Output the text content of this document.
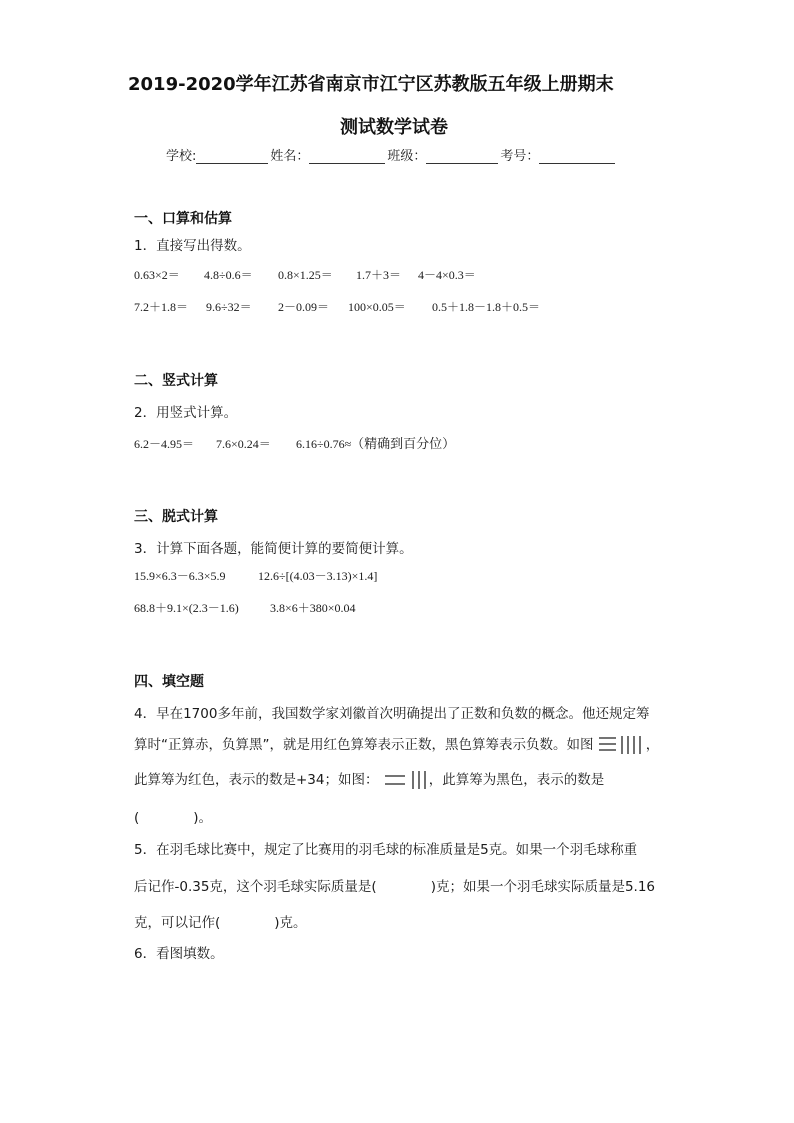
2019-2020学年江苏省南京市江宁区苏教版五年级上册期末
测试数学试卷
学校:	姓名：	班级：	考号：
一、口算和估算
1．直接写出得数。
0.63×2＝ 4.8÷0.6＝ 0.8×1.25＝ 1.7＋3＝ 4－4×0.3＝
7.2＋1.8＝ 9.6÷32＝ 2－0.09＝ 100×0.05＝ 0.5＋1.8－1.8＋0.5＝
二、竖式计算
2．用竖式计算。
6.2－4.95＝ 7.6×0.24＝ 6.16÷0.76≈（精确到百分位）
三、脱式计算
3．计算下面各题，能简便计算的要简便计算。
15.9×6.3－6.3×5.9	12.6÷[(4.03－3.13)×1.4]
68.8＋9.1×(2.3－1.6)	3.8×6＋380×0.04
四、填空题
4．早在1700多年前，我国数学家刘徽首次明确提出了正数和负数的概念。他还规定筹
算时“正算赤，负算黑”，就是用红色算筹表示正数，黑色算筹表示负数。如图	，
此算筹为红色，表示的数是+34；如图：	，此算筹为黑色，表示的数是
(　　　　)。
5．在羽毛球比赛中，规定了比赛用的羽毛球的标准质量是5克。如果一个羽毛球称重
后记作-0.35克，这个羽毛球实际质量是(　　　　)克；如果一个羽毛球实际质量是5.16
克，可以记作(　　　　)克。
6．看图填数。
